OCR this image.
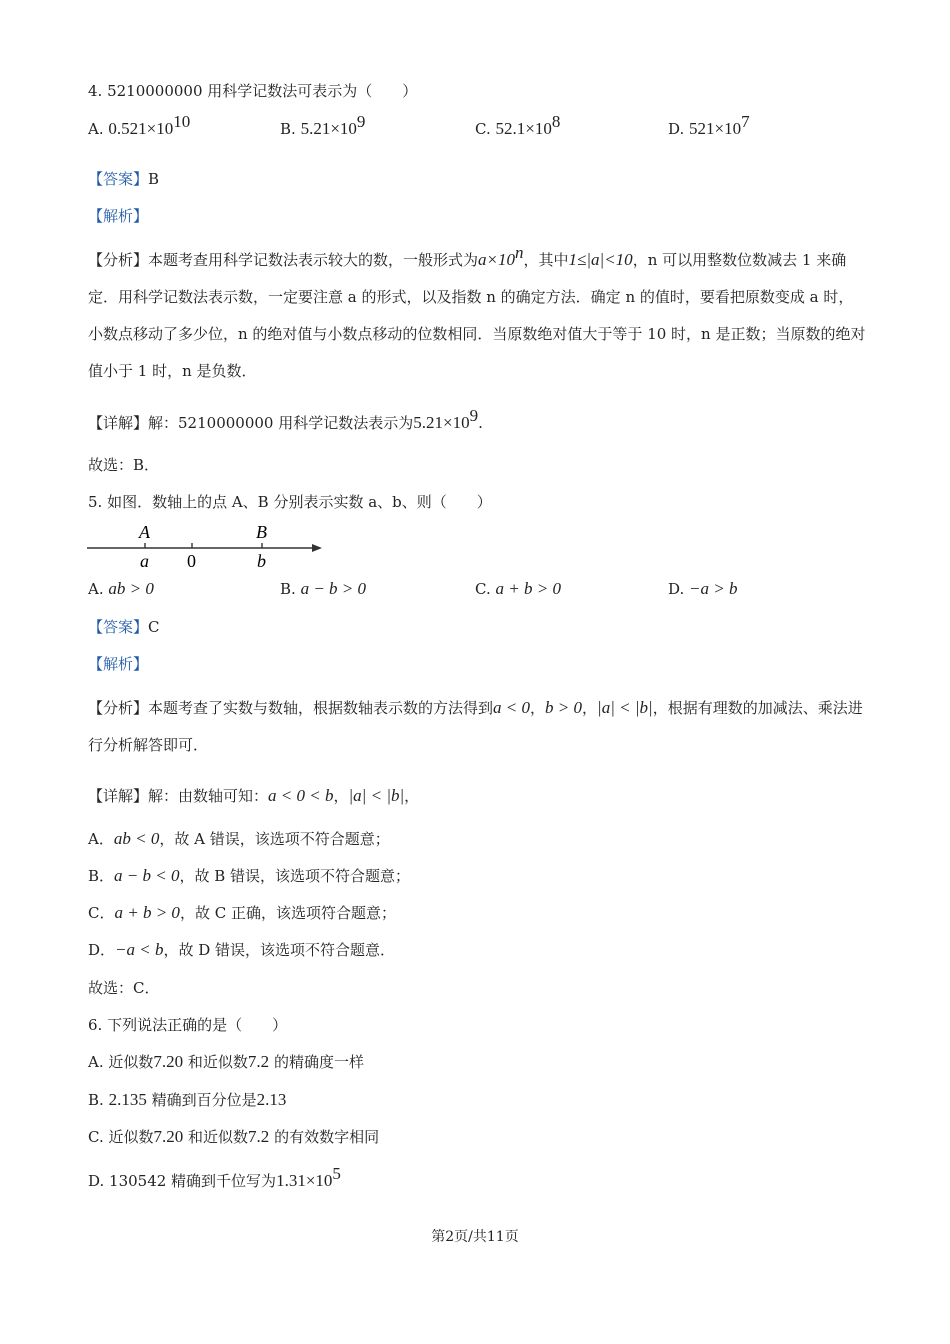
4. 5210000000 用科学记数法可表示为（　　）
A. $0.521\times 10^{10}$	B. $5.21\times 10^9$	C. $52.1\times 10^8$	D. $521\times 10^7$
【答案】B
【解析】
【分析】本题考查用科学记数法表示较大的数，一般形式为$a\times 10^n$，其中1≤|a|<10，n 可以用整数位数减去 1 来确定．用科学记数法表示数，一定要注意 a 的形式，以及指数 n 的确定方法．确定 n 的值时，要看把原数变成 a 时，小数点移动了多少位，n 的绝对值与小数点移动的位数相同．当原数绝对值大于等于 10 时，n 是正数；当原数的绝对值小于 1 时，n 是负数．
【详解】解：5210000000 用科学记数法表示为$5.21\times 10^9$.
故选：B．
5. 如图．数轴上的点 A、B 分别表示实数 a、b、则（　　）
A	B
a 0	b
A. ab > 0	B. a − b > 0	C. a + b > 0	D. −a > b
【答案】C
【解析】
【分析】本题考查了实数与数轴，根据数轴表示数的方法得到a < 0，b > 0，|a| < |b|，根据有理数的加减法、乘法进行分析解答即可．
【详解】解：由数轴可知：a < 0 < b，|a| < |b|，
A．ab < 0，故 A 错误，该选项不符合题意；
B．a − b < 0，故 B 错误，该选项不符合题意；
C．a + b > 0，故 C 正确，该选项符合题意；
D．−a < b，故 D 错误，该选项不符合题意．
故选：C．
6. 下列说法正确的是（　　）
A. 近似数7.20 和近似数7.2 的精确度一样
B. 2.135 精确到百分位是2.13
C. 近似数7.20 和近似数7.2 的有效数字相同
D. 130542 精确到千位写为$1.31\times 10^5$
第2页/共11页
